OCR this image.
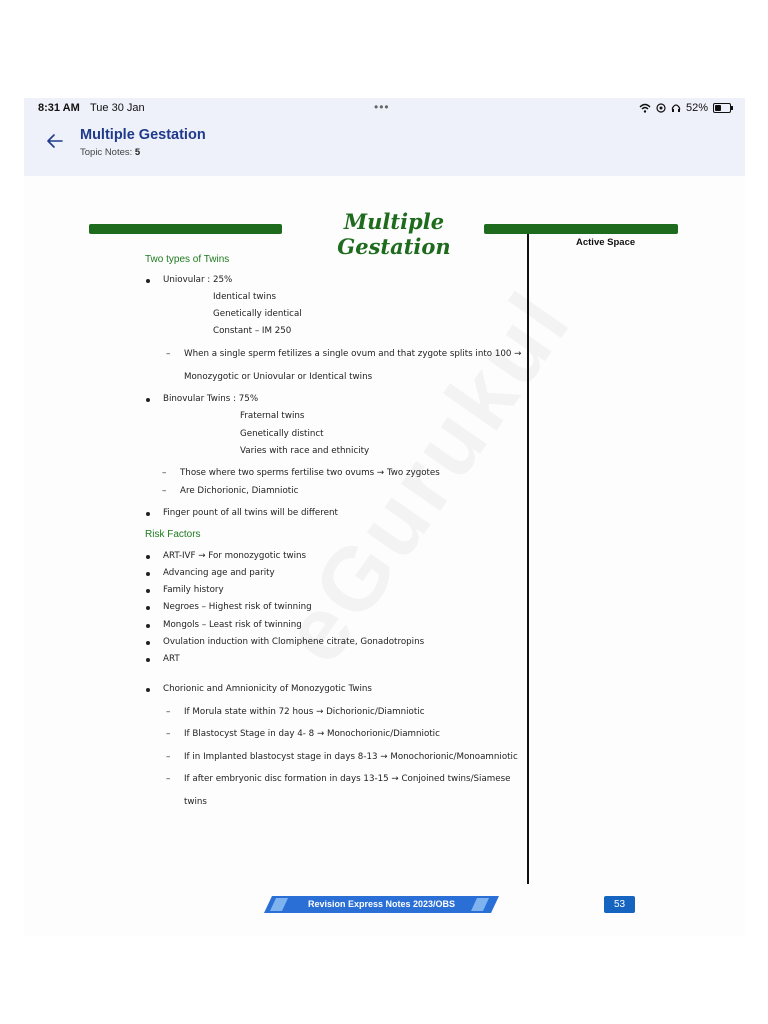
8:31 AM Tue 30 Jan	•••	52%
Multiple Gestation
Topic Notes: 5
Multiple Gestation	Active Space
Two types of Twins
Uniovular : 25%
Identical twins
Genetically identical
Constant – IM 250
– When a single sperm fetilizes a single ovum and that zygote splits into 100 →
Monozygotic or Uniovular or Identical twins
Binovular Twins : 75%
Fraternal twins
Genetically distinct
Varies with race and ethnicity
– Those where two sperms fertilise two ovums → Two zygotes
– Are Dichorionic, Diamniotic
Finger pount of all twins will be different
Risk Factors
ART-IVF → For monozygotic twins
Advancing age and parity
Family history
Negroes – Highest risk of twinning
Mongols – Least risk of twinning
Ovulation induction with Clomiphene citrate, Gonadotropins
ART
Chorionic and Amnionicity of Monozygotic Twins
– If Morula state within 72 hous → Dichorionic/Diamniotic
– If Blastocyst Stage in day 4- 8 → Monochorionic/Diamniotic
– If in Implanted blastocyst stage in days 8-13 → Monochorionic/Monoamniotic
– If after embryonic disc formation in days 13-15 → Conjoined twins/Siamese
twins
Revision Express Notes 2023/OBS	53
